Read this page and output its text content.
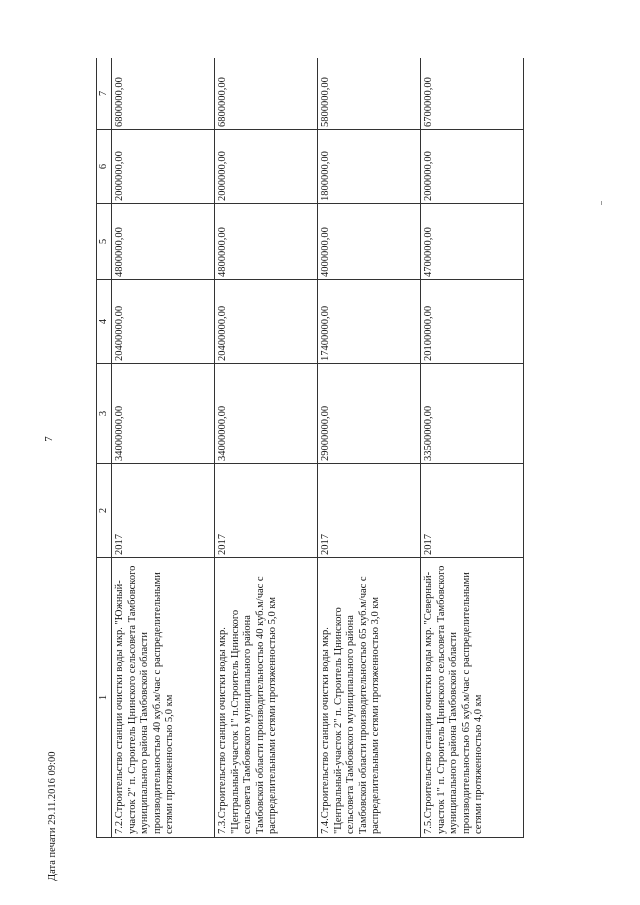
7
Дата печати 29.11.2016 09:00
1	2	3	4	5	6	7
7.2.Строительство станции очистки воды мкр. "Южный-участок 2" п. Строитель Цнинского сельсовета Тамбовского муниципального района Тамбовской области производительностью 40 куб.м/час с распределительными сетями протяженностью 5,0 км	2017	34000000,00	20400000,00	4800000,00	2000000,00	6800000,00
7.3.Строительство станции очистки воды мкр. "Центральный-участок 1" п.Строитель Цнинского сельсовета Тамбовского муниципального района Тамбовской области производительностью 40 куб.м/час с распределительными сетями протяженностью 5,0 км	2017	34000000,00	20400000,00	4800000,00	2000000,00	6800000,00
7.4.Строительство станции очистки воды мкр. "Центральный-участок 2" п. Строитель Цнинского сельсовета Тамбовского муниципального района Тамбовской области производительностью 65 куб.м/час с распределительными сетями протяженностью 3,0 км	2017	29000000,00	17400000,00	4000000,00	1800000,00	5800000,00
7.5.Строительство станции очистки воды мкр. "Северный-участок 1" п. Строитель Цнинского сельсовета Тамбовского муниципального района Тамбовской области производительностью 65 куб.м/час с распределительными сетями протяженностью 4,0 км	2017	33500000,00	20100000,00	4700000,00	2000000,00	6700000,00
